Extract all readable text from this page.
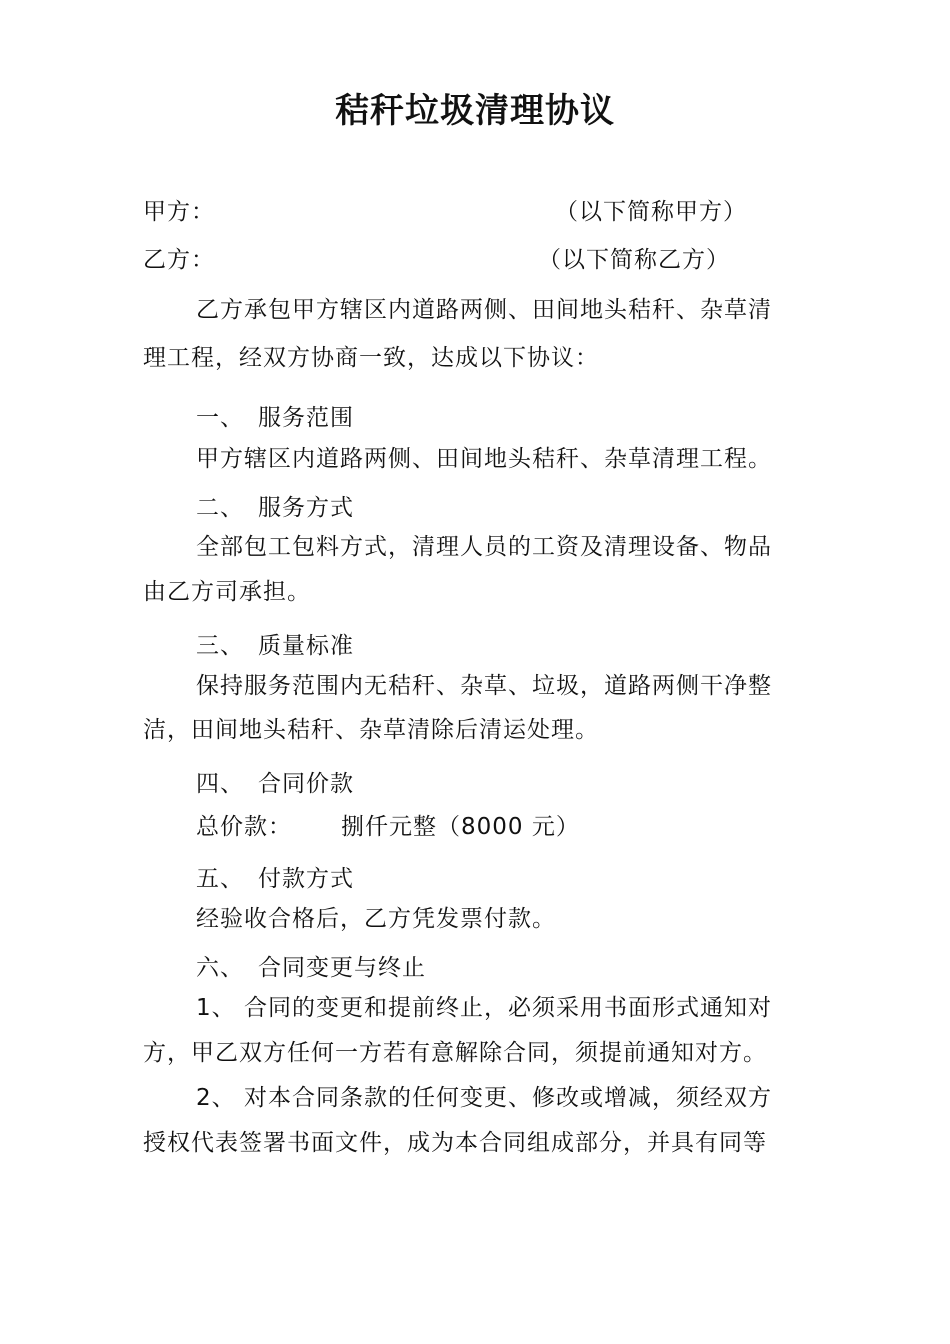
秸秆垃圾清理协议
甲方：	（以下简称甲方）
乙方：	（以下简称乙方）
乙方承包甲方辖区内道路两侧、田间地头秸秆、杂草清
理工程，经双方协商一致，达成以下协议：
一、 服务范围
甲方辖区内道路两侧、田间地头秸秆、杂草清理工程。
二、 服务方式
全部包工包料方式，清理人员的工资及清理设备、物品
由乙方司承担。
三、 质量标准
保持服务范围内无秸秆、杂草、垃圾，道路两侧干净整
洁，田间地头秸秆、杂草清除后清运处理。
四、 合同价款
总价款： 捌仟元整（8000 元）
五、 付款方式
经验收合格后，乙方凭发票付款。
六、 合同变更与终止
1、 合同的变更和提前终止，必须采用书面形式通知对
方，甲乙双方任何一方若有意解除合同，须提前通知对方。
2、 对本合同条款的任何变更、修改或增减，须经双方
授权代表签署书面文件，成为本合同组成部分，并具有同等
